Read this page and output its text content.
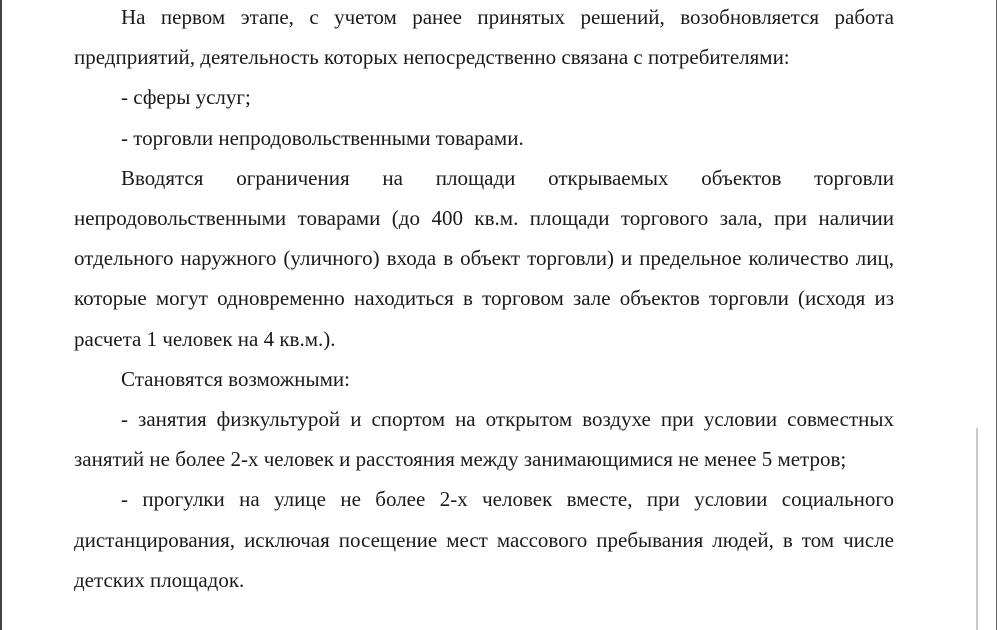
На первом этапе, с учетом ранее принятых решений, возобновляется работа предприятий, деятельность которых непосредственно связана с потребителями:

- сферы услуг;

- торговли непродовольственными товарами.

Вводятся ограничения на площади открываемых объектов торговли непродовольственными товарами (до 400 кв.м. площади торгового зала, при наличии отдельного наружного (уличного) входа в объект торговли) и предельное количество лиц, которые могут одновременно находиться в торговом зале объектов торговли (исходя из расчета 1 человек на 4 кв.м.).

Становятся возможными:

- занятия физкультурой и спортом на открытом воздухе при условии совместных занятий не более 2-х человек и расстояния между занимающимися не менее 5 метров;

- прогулки на улице не более 2-х человек вместе, при условии социального дистанцирования, исключая посещение мест массового пребывания людей, в том числе детских площадок.
